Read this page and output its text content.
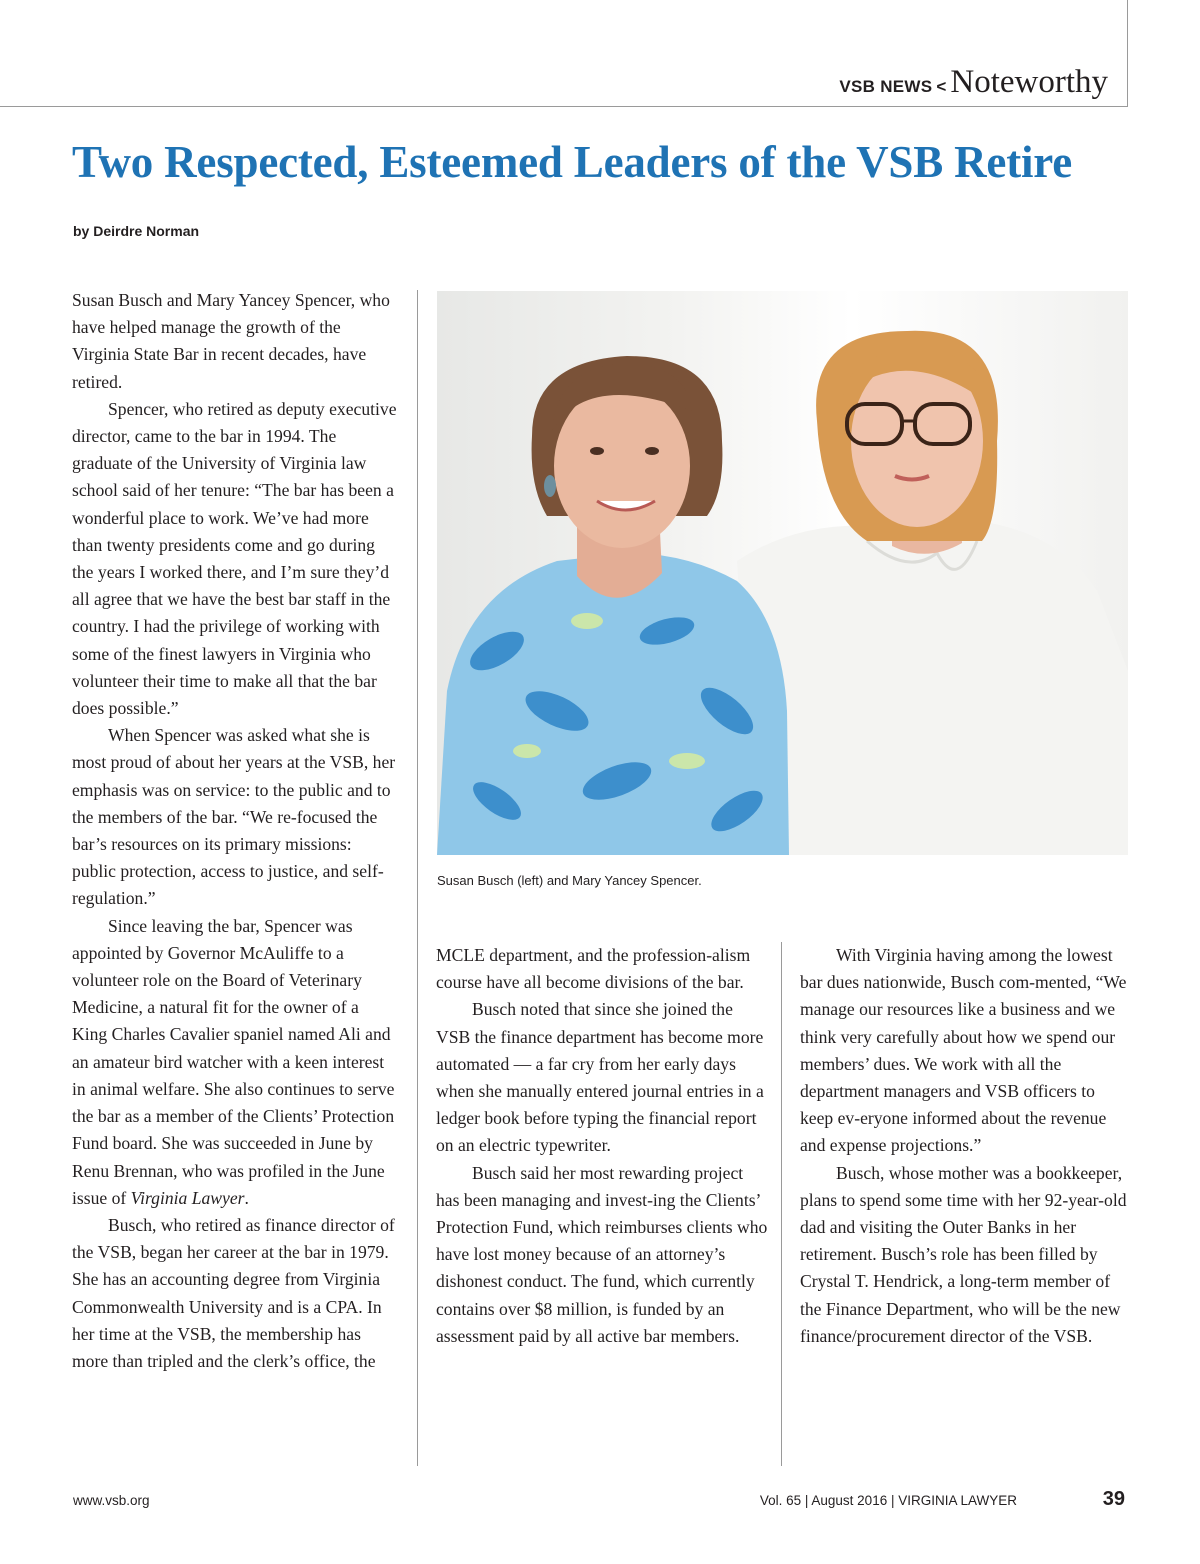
VSB NEWS < Noteworthy
Two Respected, Esteemed Leaders of the VSB Retire
by Deirdre Norman

Susan Busch and Mary Yancey Spencer, who have helped manage the growth of the Virginia State Bar in recent decades, have retired.

Spencer, who retired as deputy executive director, came to the bar in 1994. The graduate of the University of Virginia law school said of her tenure: “The bar has been a wonderful place to work. We’ve had more than twenty presidents come and go during the years I worked there, and I’m sure they’d all agree that we have the best bar staff in the country. I had the privilege of working with some of the finest lawyers in Virginia who volunteer their time to make all that the bar does possible.”

When Spencer was asked what she is most proud of about her years at the VSB, her emphasis was on service: to the public and to the members of the bar. “We re-focused the bar’s resources on its primary missions: public protection, access to justice, and self-regulation.”

Since leaving the bar, Spencer was appointed by Governor McAuliffe to a volunteer role on the Board of Veterinary Medicine, a natural fit for the owner of a King Charles Cavalier spaniel named Ali and an amateur bird watcher with a keen interest in animal welfare. She also continues to serve the bar as a member of the Clients’ Protection Fund board. She was succeeded in June by Renu Brennan, who was profiled in the June issue of Virginia Lawyer.

Busch, who retired as finance director of the VSB, began her career at the bar in 1979. She has an accounting degree from Virginia Commonwealth University and is a CPA. In her time at the VSB, the membership has more than tripled and the clerk’s office, the

Susan Busch (left) and Mary Yancey Spencer.

MCLE department, and the profession-alism course have all become divisions of the bar.

Busch noted that since she joined the VSB the finance department has become more automated — a far cry from her early days when she manually entered journal entries in a ledger book before typing the financial report on an electric typewriter.

Busch said her most rewarding project has been managing and invest-ing the Clients’ Protection Fund, which reimburses clients who have lost money because of an attorney’s dishonest conduct. The fund, which currently contains over $8 million, is funded by an assessment paid by all active bar members.

With Virginia having among the lowest bar dues nationwide, Busch com-mented, “We manage our resources like a business and we think very carefully about how we spend our members’ dues. We work with all the department managers and VSB officers to keep ev-eryone informed about the revenue and expense projections.”

Busch, whose mother was a bookkeeper, plans to spend some time with her 92-year-old dad and visiting the Outer Banks in her retirement. Busch’s role has been filled by Crystal T. Hendrick, a long-term member of the Finance Department, who will be the new finance/procurement director of the VSB.

www.vsb.org	Vol. 65 | August 2016 | VIRGINIA LAWYER	39
